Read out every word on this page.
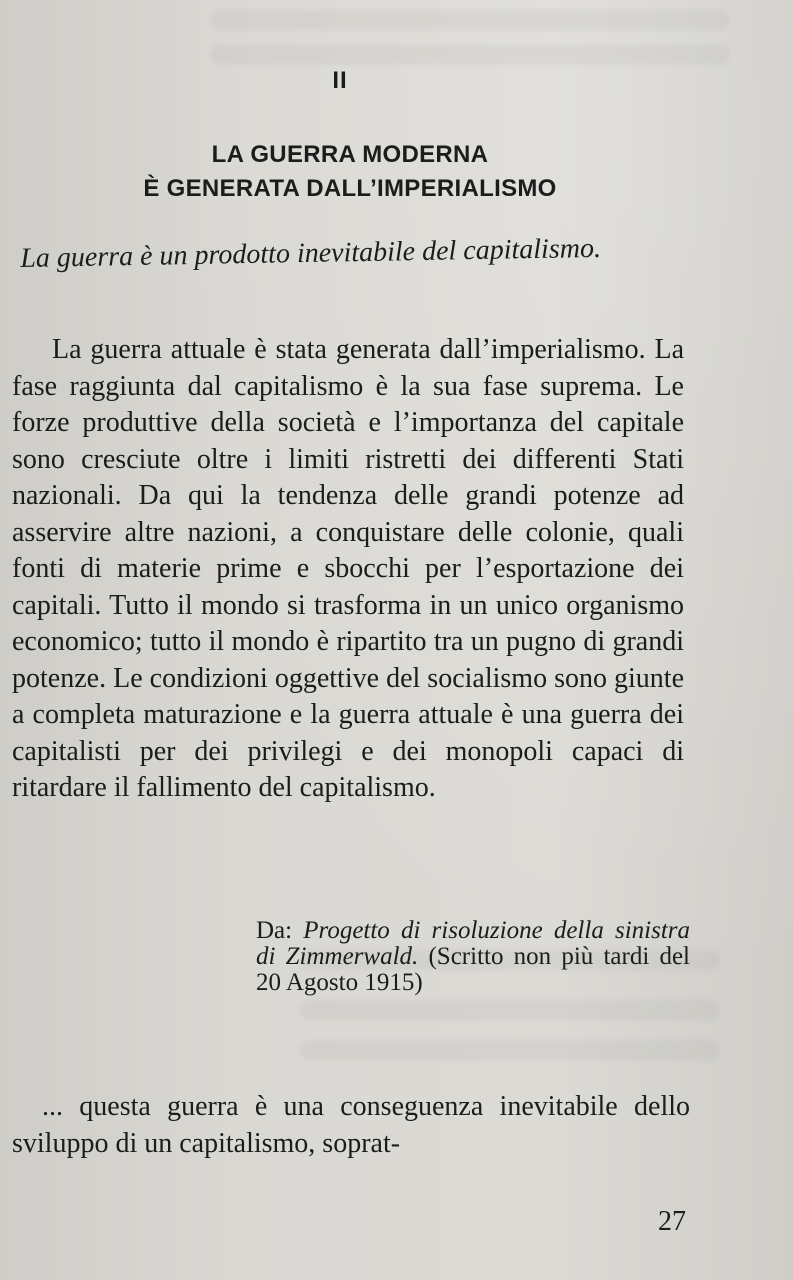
II
LA GUERRA MODERNA
È GENERATA DALL’IMPERIALISMO
La guerra è un prodotto inevitabile del capitalismo.

La guerra attuale è stata generata dall’imperialismo. La fase raggiunta dal capitalismo è la sua fase suprema. Le forze produttive della società e l’importanza del capitale sono cresciute oltre i limiti ristretti dei differenti Stati nazionali. Da qui la tendenza delle grandi potenze ad asservire altre nazioni, a conquistare delle colonie, quali fonti di materie prime e sbocchi per l’esportazione dei capitali. Tutto il mondo si trasforma in un unico organismo economico; tutto il mondo è ripartito tra un pugno di grandi potenze. Le condizioni oggettive del socialismo sono giunte a completa maturazione e la guerra attuale è una guerra dei capitalisti per dei privilegi e dei monopoli capaci di ritardare il fallimento del capitalismo.

Da: Progetto di risoluzione della sinistra di Zimmerwald. (Scritto non più tardi del 20 Agosto 1915)

... questa guerra è una conseguenza inevitabile dello sviluppo di un capitalismo, soprat-

27
